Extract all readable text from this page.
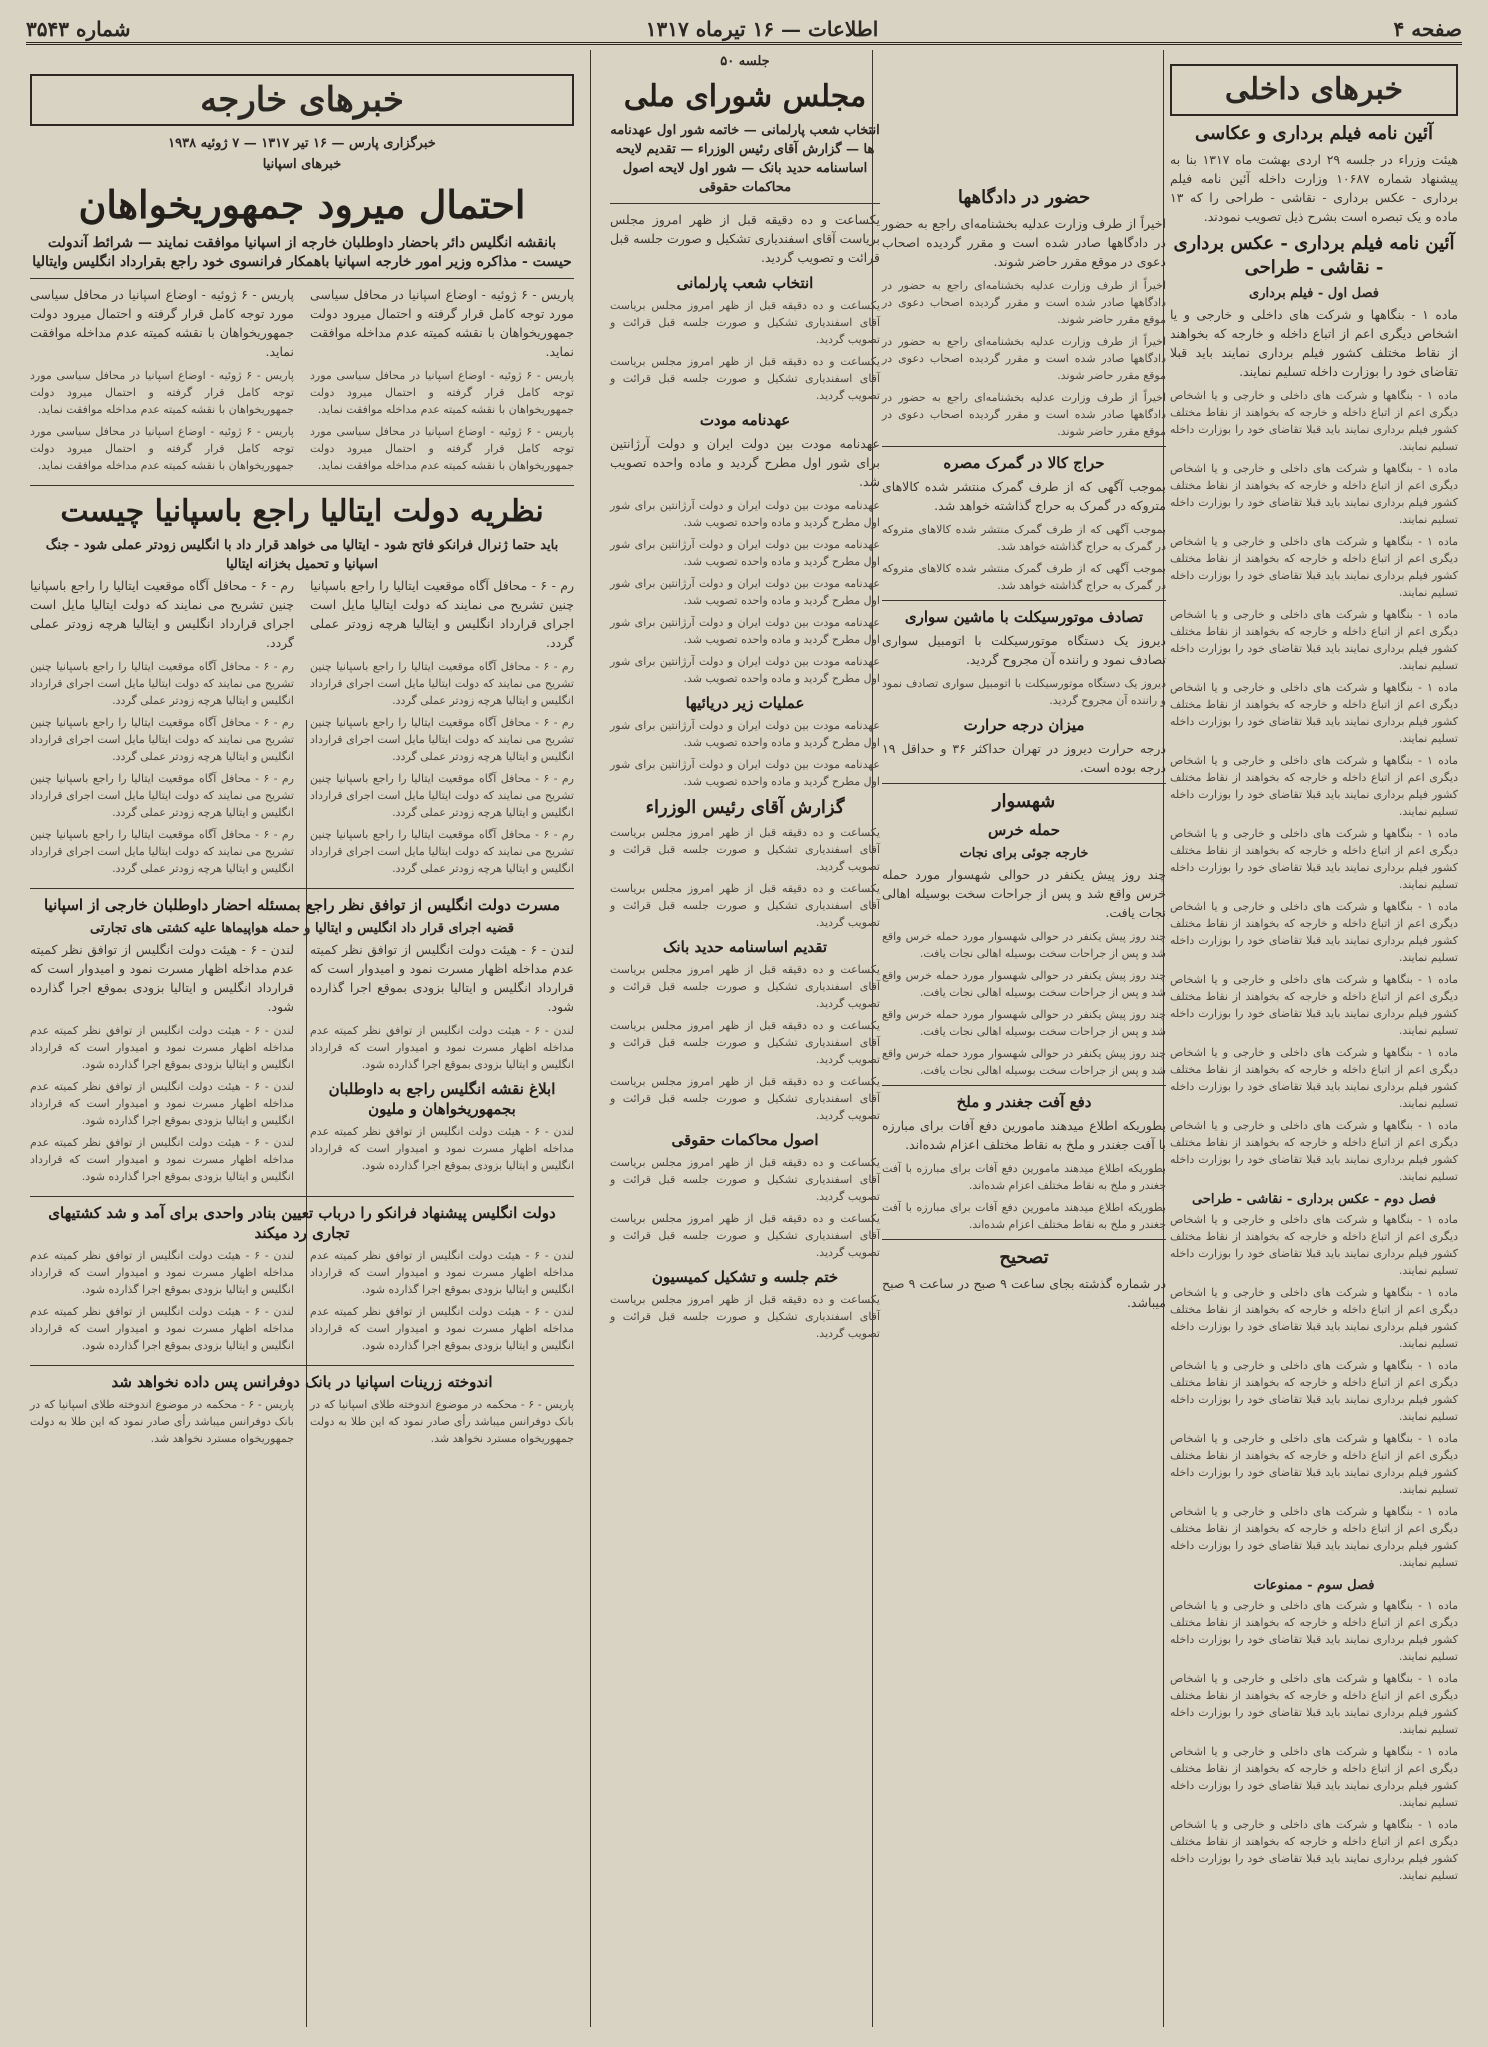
صفحه ۴
اطلاعات — ۱۶ تیرماه ۱۳۱۷
شماره ۳۵۴۳
خبرهای داخلی
آئین نامه فیلم برداری و عکاسی

هیئت وزراء در جلسه ۲۹ اردی بهشت ماه ۱۳۱۷ بنا به پیشنهاد شماره ۱۰۶۸۷ وزارت داخله آئین نامه فیلم برداری - عکس برداری - نقاشی - طراحی را که ۱۳ ماده و یک تبصره است بشرح ذیل تصویب نمودند.

آئین نامه فیلم برداری - عکس برداری - نقاشی - طراحی
فصل اول - فیلم برداری

ماده ۱ - بنگاهها و شرکت های داخلی و خارجی و یا اشخاص دیگری اعم از اتباع داخله و خارجه که بخواهند از نقاط مختلف کشور فیلم برداری نمایند باید قبلا تقاضای خود را بوزارت داخله تسلیم نمایند.

ماده ۱ - بنگاهها و شرکت های داخلی و خارجی و یا اشخاص دیگری اعم از اتباع داخله و خارجه که بخواهند از نقاط مختلف کشور فیلم برداری نمایند باید قبلا تقاضای خود را بوزارت داخله تسلیم نمایند.

ماده ۱ - بنگاهها و شرکت های داخلی و خارجی و یا اشخاص دیگری اعم از اتباع داخله و خارجه که بخواهند از نقاط مختلف کشور فیلم برداری نمایند باید قبلا تقاضای خود را بوزارت داخله تسلیم نمایند.

ماده ۱ - بنگاهها و شرکت های داخلی و خارجی و یا اشخاص دیگری اعم از اتباع داخله و خارجه که بخواهند از نقاط مختلف کشور فیلم برداری نمایند باید قبلا تقاضای خود را بوزارت داخله تسلیم نمایند.

ماده ۱ - بنگاهها و شرکت های داخلی و خارجی و یا اشخاص دیگری اعم از اتباع داخله و خارجه که بخواهند از نقاط مختلف کشور فیلم برداری نمایند باید قبلا تقاضای خود را بوزارت داخله تسلیم نمایند.

ماده ۱ - بنگاهها و شرکت های داخلی و خارجی و یا اشخاص دیگری اعم از اتباع داخله و خارجه که بخواهند از نقاط مختلف کشور فیلم برداری نمایند باید قبلا تقاضای خود را بوزارت داخله تسلیم نمایند.

ماده ۱ - بنگاهها و شرکت های داخلی و خارجی و یا اشخاص دیگری اعم از اتباع داخله و خارجه که بخواهند از نقاط مختلف کشور فیلم برداری نمایند باید قبلا تقاضای خود را بوزارت داخله تسلیم نمایند.

ماده ۱ - بنگاهها و شرکت های داخلی و خارجی و یا اشخاص دیگری اعم از اتباع داخله و خارجه که بخواهند از نقاط مختلف کشور فیلم برداری نمایند باید قبلا تقاضای خود را بوزارت داخله تسلیم نمایند.

ماده ۱ - بنگاهها و شرکت های داخلی و خارجی و یا اشخاص دیگری اعم از اتباع داخله و خارجه که بخواهند از نقاط مختلف کشور فیلم برداری نمایند باید قبلا تقاضای خود را بوزارت داخله تسلیم نمایند.

ماده ۱ - بنگاهها و شرکت های داخلی و خارجی و یا اشخاص دیگری اعم از اتباع داخله و خارجه که بخواهند از نقاط مختلف کشور فیلم برداری نمایند باید قبلا تقاضای خود را بوزارت داخله تسلیم نمایند.

ماده ۱ - بنگاهها و شرکت های داخلی و خارجی و یا اشخاص دیگری اعم از اتباع داخله و خارجه که بخواهند از نقاط مختلف کشور فیلم برداری نمایند باید قبلا تقاضای خود را بوزارت داخله تسلیم نمایند.

ماده ۱ - بنگاهها و شرکت های داخلی و خارجی و یا اشخاص دیگری اعم از اتباع داخله و خارجه که بخواهند از نقاط مختلف کشور فیلم برداری نمایند باید قبلا تقاضای خود را بوزارت داخله تسلیم نمایند.

فصل دوم - عکس برداری - نقاشی - طراحی

ماده ۱ - بنگاهها و شرکت های داخلی و خارجی و یا اشخاص دیگری اعم از اتباع داخله و خارجه که بخواهند از نقاط مختلف کشور فیلم برداری نمایند باید قبلا تقاضای خود را بوزارت داخله تسلیم نمایند.

ماده ۱ - بنگاهها و شرکت های داخلی و خارجی و یا اشخاص دیگری اعم از اتباع داخله و خارجه که بخواهند از نقاط مختلف کشور فیلم برداری نمایند باید قبلا تقاضای خود را بوزارت داخله تسلیم نمایند.

ماده ۱ - بنگاهها و شرکت های داخلی و خارجی و یا اشخاص دیگری اعم از اتباع داخله و خارجه که بخواهند از نقاط مختلف کشور فیلم برداری نمایند باید قبلا تقاضای خود را بوزارت داخله تسلیم نمایند.

ماده ۱ - بنگاهها و شرکت های داخلی و خارجی و یا اشخاص دیگری اعم از اتباع داخله و خارجه که بخواهند از نقاط مختلف کشور فیلم برداری نمایند باید قبلا تقاضای خود را بوزارت داخله تسلیم نمایند.

ماده ۱ - بنگاهها و شرکت های داخلی و خارجی و یا اشخاص دیگری اعم از اتباع داخله و خارجه که بخواهند از نقاط مختلف کشور فیلم برداری نمایند باید قبلا تقاضای خود را بوزارت داخله تسلیم نمایند.

فصل سوم - ممنوعات

ماده ۱ - بنگاهها و شرکت های داخلی و خارجی و یا اشخاص دیگری اعم از اتباع داخله و خارجه که بخواهند از نقاط مختلف کشور فیلم برداری نمایند باید قبلا تقاضای خود را بوزارت داخله تسلیم نمایند.

ماده ۱ - بنگاهها و شرکت های داخلی و خارجی و یا اشخاص دیگری اعم از اتباع داخله و خارجه که بخواهند از نقاط مختلف کشور فیلم برداری نمایند باید قبلا تقاضای خود را بوزارت داخله تسلیم نمایند.

ماده ۱ - بنگاهها و شرکت های داخلی و خارجی و یا اشخاص دیگری اعم از اتباع داخله و خارجه که بخواهند از نقاط مختلف کشور فیلم برداری نمایند باید قبلا تقاضای خود را بوزارت داخله تسلیم نمایند.

ماده ۱ - بنگاهها و شرکت های داخلی و خارجی و یا اشخاص دیگری اعم از اتباع داخله و خارجه که بخواهند از نقاط مختلف کشور فیلم برداری نمایند باید قبلا تقاضای خود را بوزارت داخله تسلیم نمایند.

حضور در دادگاهها

اخیراً از طرف وزارت عدلیه بخشنامه‌ای راجع به حضور در دادگاهها صادر شده است و مقرر گردیده اصحاب دعوی در موقع مقرر حاضر شوند.

اخیراً از طرف وزارت عدلیه بخشنامه‌ای راجع به حضور در دادگاهها صادر شده است و مقرر گردیده اصحاب دعوی در موقع مقرر حاضر شوند.

اخیراً از طرف وزارت عدلیه بخشنامه‌ای راجع به حضور در دادگاهها صادر شده است و مقرر گردیده اصحاب دعوی در موقع مقرر حاضر شوند.

اخیراً از طرف وزارت عدلیه بخشنامه‌ای راجع به حضور در دادگاهها صادر شده است و مقرر گردیده اصحاب دعوی در موقع مقرر حاضر شوند.

حراج کالا در گمرک مصره

بموجب آگهی که از طرف گمرک منتشر شده کالاهای متروکه در گمرک به حراج گذاشته خواهد شد.

بموجب آگهی که از طرف گمرک منتشر شده کالاهای متروکه در گمرک به حراج گذاشته خواهد شد.

بموجب آگهی که از طرف گمرک منتشر شده کالاهای متروکه در گمرک به حراج گذاشته خواهد شد.

تصادف موتورسیکلت با ماشین سواری

دیروز یک دستگاه موتورسیکلت با اتومبیل سواری تصادف نمود و راننده آن مجروح گردید.

دیروز یک دستگاه موتورسیکلت با اتومبیل سواری تصادف نمود و راننده آن مجروح گردید.

میزان درجه حرارت

درجه حرارت دیروز در تهران حداکثر ۳۶ و حداقل ۱۹ درجه بوده است.

شهسوار
حمله خرس
خارجه جوئی برای نجات

چند روز پیش یکنفر در حوالی شهسوار مورد حمله خرس واقع شد و پس از جراحات سخت بوسیله اهالی نجات یافت.

چند روز پیش یکنفر در حوالی شهسوار مورد حمله خرس واقع شد و پس از جراحات سخت بوسیله اهالی نجات یافت.

چند روز پیش یکنفر در حوالی شهسوار مورد حمله خرس واقع شد و پس از جراحات سخت بوسیله اهالی نجات یافت.

چند روز پیش یکنفر در حوالی شهسوار مورد حمله خرس واقع شد و پس از جراحات سخت بوسیله اهالی نجات یافت.

چند روز پیش یکنفر در حوالی شهسوار مورد حمله خرس واقع شد و پس از جراحات سخت بوسیله اهالی نجات یافت.

دفع آفت جغندر و ملخ

بطوریکه اطلاع میدهند مامورین دفع آفات برای مبارزه با آفت جغندر و ملخ به نقاط مختلف اعزام شده‌اند.

بطوریکه اطلاع میدهند مامورین دفع آفات برای مبارزه با آفت جغندر و ملخ به نقاط مختلف اعزام شده‌اند.

بطوریکه اطلاع میدهند مامورین دفع آفات برای مبارزه با آفت جغندر و ملخ به نقاط مختلف اعزام شده‌اند.

تصحیح

در شماره گذشته بجای ساعت ۹ صبح در ساعت ۹ صبح میباشد.

جلسه ۵۰
مجلس شورای ملی
انتخاب شعب پارلمانی — خاتمه شور اول عهدنامه ها — گزارش آقای رئیس الوزراء — تقدیم لایحه اساسنامه حدید بانک — شور اول لایحه اصول محاکمات حقوقی

یکساعت و ده دقیقه قبل از ظهر امروز مجلس بریاست آقای اسفندیاری تشکیل و صورت جلسه قبل قرائت و تصویب گردید.

انتخاب شعب پارلمانی

یکساعت و ده دقیقه قبل از ظهر امروز مجلس بریاست آقای اسفندیاری تشکیل و صورت جلسه قبل قرائت و تصویب گردید.

یکساعت و ده دقیقه قبل از ظهر امروز مجلس بریاست آقای اسفندیاری تشکیل و صورت جلسه قبل قرائت و تصویب گردید.

عهدنامه مودت

عهدنامه مودت بین دولت ایران و دولت آرژانتین برای شور اول مطرح گردید و ماده واحده تصویب شد.

عهدنامه مودت بین دولت ایران و دولت آرژانتین برای شور اول مطرح گردید و ماده واحده تصویب شد.

عهدنامه مودت بین دولت ایران و دولت آرژانتین برای شور اول مطرح گردید و ماده واحده تصویب شد.

عهدنامه مودت بین دولت ایران و دولت آرژانتین برای شور اول مطرح گردید و ماده واحده تصویب شد.

عهدنامه مودت بین دولت ایران و دولت آرژانتین برای شور اول مطرح گردید و ماده واحده تصویب شد.

عهدنامه مودت بین دولت ایران و دولت آرژانتین برای شور اول مطرح گردید و ماده واحده تصویب شد.

عملیات زیر دریائیها

عهدنامه مودت بین دولت ایران و دولت آرژانتین برای شور اول مطرح گردید و ماده واحده تصویب شد.

عهدنامه مودت بین دولت ایران و دولت آرژانتین برای شور اول مطرح گردید و ماده واحده تصویب شد.

گزارش آقای رئیس الوزراء

یکساعت و ده دقیقه قبل از ظهر امروز مجلس بریاست آقای اسفندیاری تشکیل و صورت جلسه قبل قرائت و تصویب گردید.

یکساعت و ده دقیقه قبل از ظهر امروز مجلس بریاست آقای اسفندیاری تشکیل و صورت جلسه قبل قرائت و تصویب گردید.

تقدیم اساسنامه حدید بانک

یکساعت و ده دقیقه قبل از ظهر امروز مجلس بریاست آقای اسفندیاری تشکیل و صورت جلسه قبل قرائت و تصویب گردید.

یکساعت و ده دقیقه قبل از ظهر امروز مجلس بریاست آقای اسفندیاری تشکیل و صورت جلسه قبل قرائت و تصویب گردید.

یکساعت و ده دقیقه قبل از ظهر امروز مجلس بریاست آقای اسفندیاری تشکیل و صورت جلسه قبل قرائت و تصویب گردید.

اصول محاکمات حقوقی

یکساعت و ده دقیقه قبل از ظهر امروز مجلس بریاست آقای اسفندیاری تشکیل و صورت جلسه قبل قرائت و تصویب گردید.

یکساعت و ده دقیقه قبل از ظهر امروز مجلس بریاست آقای اسفندیاری تشکیل و صورت جلسه قبل قرائت و تصویب گردید.

ختم جلسه و تشکیل کمیسیون

یکساعت و ده دقیقه قبل از ظهر امروز مجلس بریاست آقای اسفندیاری تشکیل و صورت جلسه قبل قرائت و تصویب گردید.

خبرهای خارجه
خبرگزاری پارس — ۱۶ تیر ۱۳۱۷ — ۷ ژوئیه ۱۹۳۸
خبرهای اسپانیا
احتمال میرود جمهوریخواهان
بانقشه انگلیس دائر باحضار داوطلبان خارجه از اسپانیا موافقت نمایند — شرائط آندولت حیست - مذاکره وزیر امور خارجه اسپانیا باهمکار فرانسوی خود راجع بقرارداد انگلیس وایتالیا

پاریس - ۶ ژوئیه - اوضاع اسپانیا در محافل سیاسی مورد توجه کامل قرار گرفته و احتمال میرود دولت جمهوریخواهان با نقشه کمیته عدم مداخله موافقت نماید.

پاریس - ۶ ژوئیه - اوضاع اسپانیا در محافل سیاسی مورد توجه کامل قرار گرفته و احتمال میرود دولت جمهوریخواهان با نقشه کمیته عدم مداخله موافقت نماید.

پاریس - ۶ ژوئیه - اوضاع اسپانیا در محافل سیاسی مورد توجه کامل قرار گرفته و احتمال میرود دولت جمهوریخواهان با نقشه کمیته عدم مداخله موافقت نماید.

پاریس - ۶ ژوئیه - اوضاع اسپانیا در محافل سیاسی مورد توجه کامل قرار گرفته و احتمال میرود دولت جمهوریخواهان با نقشه کمیته عدم مداخله موافقت نماید.

پاریس - ۶ ژوئیه - اوضاع اسپانیا در محافل سیاسی مورد توجه کامل قرار گرفته و احتمال میرود دولت جمهوریخواهان با نقشه کمیته عدم مداخله موافقت نماید.

پاریس - ۶ ژوئیه - اوضاع اسپانیا در محافل سیاسی مورد توجه کامل قرار گرفته و احتمال میرود دولت جمهوریخواهان با نقشه کمیته عدم مداخله موافقت نماید.

نظریه دولت ایتالیا راجع باسپانیا چیست
باید حتما ژنرال فرانکو فاتح شود - ایتالیا می خواهد قرار داد با انگلیس زودتر عملی شود - جنگ اسپانیا و تحمیل بخزانه ایتالیا

رم - ۶ - محافل آگاه موقعیت ایتالیا را راجع باسپانیا چنین تشریح می نمایند که دولت ایتالیا مایل است اجرای قرارداد انگلیس و ایتالیا هرچه زودتر عملی گردد.

رم - ۶ - محافل آگاه موقعیت ایتالیا را راجع باسپانیا چنین تشریح می نمایند که دولت ایتالیا مایل است اجرای قرارداد انگلیس و ایتالیا هرچه زودتر عملی گردد.

رم - ۶ - محافل آگاه موقعیت ایتالیا را راجع باسپانیا چنین تشریح می نمایند که دولت ایتالیا مایل است اجرای قرارداد انگلیس و ایتالیا هرچه زودتر عملی گردد.

رم - ۶ - محافل آگاه موقعیت ایتالیا را راجع باسپانیا چنین تشریح می نمایند که دولت ایتالیا مایل است اجرای قرارداد انگلیس و ایتالیا هرچه زودتر عملی گردد.

رم - ۶ - محافل آگاه موقعیت ایتالیا را راجع باسپانیا چنین تشریح می نمایند که دولت ایتالیا مایل است اجرای قرارداد انگلیس و ایتالیا هرچه زودتر عملی گردد.

رم - ۶ - محافل آگاه موقعیت ایتالیا را راجع باسپانیا چنین تشریح می نمایند که دولت ایتالیا مایل است اجرای قرارداد انگلیس و ایتالیا هرچه زودتر عملی گردد.

رم - ۶ - محافل آگاه موقعیت ایتالیا را راجع باسپانیا چنین تشریح می نمایند که دولت ایتالیا مایل است اجرای قرارداد انگلیس و ایتالیا هرچه زودتر عملی گردد.

رم - ۶ - محافل آگاه موقعیت ایتالیا را راجع باسپانیا چنین تشریح می نمایند که دولت ایتالیا مایل است اجرای قرارداد انگلیس و ایتالیا هرچه زودتر عملی گردد.

رم - ۶ - محافل آگاه موقعیت ایتالیا را راجع باسپانیا چنین تشریح می نمایند که دولت ایتالیا مایل است اجرای قرارداد انگلیس و ایتالیا هرچه زودتر عملی گردد.

رم - ۶ - محافل آگاه موقعیت ایتالیا را راجع باسپانیا چنین تشریح می نمایند که دولت ایتالیا مایل است اجرای قرارداد انگلیس و ایتالیا هرچه زودتر عملی گردد.

مسرت دولت انگلیس از توافق نظر راجع بمسئله احضار داوطلبان خارجی از اسپانیا
قضیه اجرای قرار داد انگلیس و ایتالیا و حمله هواپیماها علیه کشتی های تجارتی

لندن - ۶ - هیئت دولت انگلیس از توافق نظر کمیته عدم مداخله اظهار مسرت نمود و امیدوار است که قرارداد انگلیس و ایتالیا بزودی بموقع اجرا گذارده شود.

لندن - ۶ - هیئت دولت انگلیس از توافق نظر کمیته عدم مداخله اظهار مسرت نمود و امیدوار است که قرارداد انگلیس و ایتالیا بزودی بموقع اجرا گذارده شود.

ابلاغ نقشه انگلیس راجع به داوطلبان بجمهوریخواهان و ملیون

لندن - ۶ - هیئت دولت انگلیس از توافق نظر کمیته عدم مداخله اظهار مسرت نمود و امیدوار است که قرارداد انگلیس و ایتالیا بزودی بموقع اجرا گذارده شود.

لندن - ۶ - هیئت دولت انگلیس از توافق نظر کمیته عدم مداخله اظهار مسرت نمود و امیدوار است که قرارداد انگلیس و ایتالیا بزودی بموقع اجرا گذارده شود.

لندن - ۶ - هیئت دولت انگلیس از توافق نظر کمیته عدم مداخله اظهار مسرت نمود و امیدوار است که قرارداد انگلیس و ایتالیا بزودی بموقع اجرا گذارده شود.

لندن - ۶ - هیئت دولت انگلیس از توافق نظر کمیته عدم مداخله اظهار مسرت نمود و امیدوار است که قرارداد انگلیس و ایتالیا بزودی بموقع اجرا گذارده شود.

لندن - ۶ - هیئت دولت انگلیس از توافق نظر کمیته عدم مداخله اظهار مسرت نمود و امیدوار است که قرارداد انگلیس و ایتالیا بزودی بموقع اجرا گذارده شود.

دولت انگلیس پیشنهاد فرانکو را درباب تعیین بنادر واحدی برای آمد و شد کشتیهای تجاری رد میکند

لندن - ۶ - هیئت دولت انگلیس از توافق نظر کمیته عدم مداخله اظهار مسرت نمود و امیدوار است که قرارداد انگلیس و ایتالیا بزودی بموقع اجرا گذارده شود.

لندن - ۶ - هیئت دولت انگلیس از توافق نظر کمیته عدم مداخله اظهار مسرت نمود و امیدوار است که قرارداد انگلیس و ایتالیا بزودی بموقع اجرا گذارده شود.

لندن - ۶ - هیئت دولت انگلیس از توافق نظر کمیته عدم مداخله اظهار مسرت نمود و امیدوار است که قرارداد انگلیس و ایتالیا بزودی بموقع اجرا گذارده شود.

لندن - ۶ - هیئت دولت انگلیس از توافق نظر کمیته عدم مداخله اظهار مسرت نمود و امیدوار است که قرارداد انگلیس و ایتالیا بزودی بموقع اجرا گذارده شود.

اندوخته زرینات اسپانیا در بانک دوفرانس پس داده نخواهد شد

پاریس - ۶ - محکمه در موضوع اندوخته طلای اسپانیا که در بانک دوفرانس میباشد رأی صادر نمود که این طلا به دولت جمهوریخواه مسترد نخواهد شد.

پاریس - ۶ - محکمه در موضوع اندوخته طلای اسپانیا که در بانک دوفرانس میباشد رأی صادر نمود که این طلا به دولت جمهوریخواه مسترد نخواهد شد.
